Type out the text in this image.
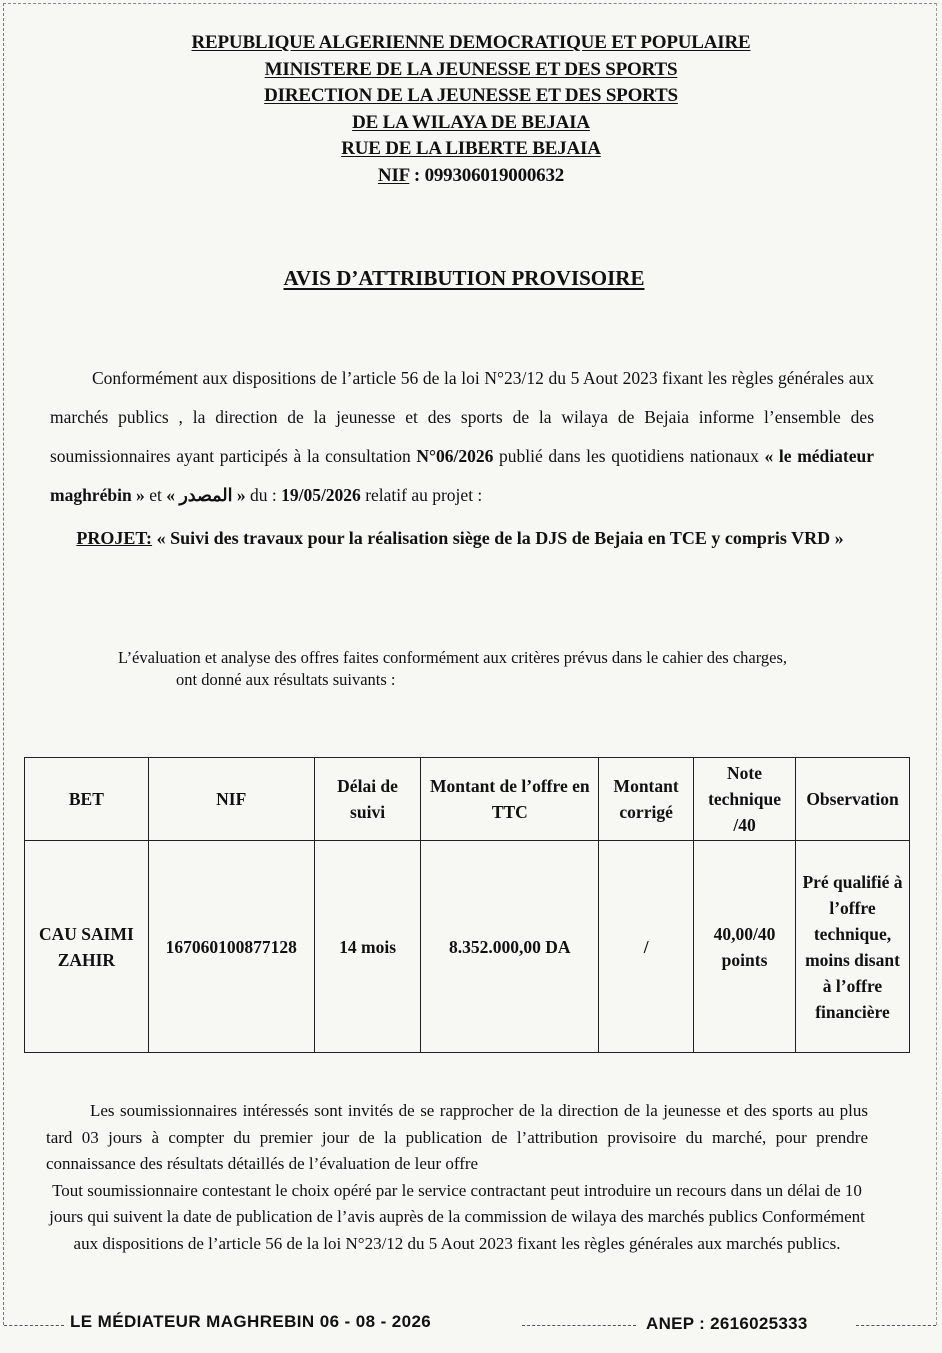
REPUBLIQUE ALGERIENNE DEMOCRATIQUE ET POPULAIRE
MINISTERE DE LA JEUNESSE ET DES SPORTS
DIRECTION DE LA JEUNESSE ET DES SPORTS
DE LA WILAYA DE BEJAIA
RUE DE LA LIBERTE BEJAIA
NIF : 099306019000632
AVIS D’ATTRIBUTION PROVISOIRE

Conformément aux dispositions de l’article 56 de la loi N°23/12 du 5 Aout 2023 fixant les règles générales aux marchés publics , la direction de la jeunesse et des sports de la wilaya de Bejaia informe l’ensemble des soumissionnaires ayant participés à la consultation N°06/2026 publié dans les quotidiens nationaux « le médiateur maghrébin » et « المصدر » du : 19/05/2026 relatif au projet :

PROJET: « Suivi des travaux pour la réalisation siège de la DJS de Bejaia en TCE y compris VRD »
L’évaluation et analyse des offres faites conformément aux critères prévus dans le cahier des charges,
ont donné aux résultats suivants :
BET	NIF	Délai de suivi	Montant de l’offre en TTC	Montant corrigé	Note technique /40	Observation
CAU SAIMI ZAHIR	167060100877128	14 mois	8.352.000,00 DA	/	40,00/40 points	Pré qualifié à l’offre technique, moins disant à l’offre financière

Les soumissionnaires intéressés sont invités de se rapprocher de la direction de la jeunesse et des sports au plus tard 03 jours à compter du premier jour de la publication de l’attribution provisoire du marché, pour prendre connaissance des résultats détaillés de l’évaluation de leur offre

Tout soumissionnaire contestant le choix opéré par le service contractant peut introduire un recours dans un délai de 10 jours qui suivent la date de publication de l’avis auprès de la commission de wilaya des marchés publics Conformément aux dispositions de l’article 56 de la loi N°23/12 du 5 Aout 2023 fixant les règles générales aux marchés publics.

LE MÉDIATEUR MAGHREBIN 06 - 08 - 2026	ANEP : 2616025333
